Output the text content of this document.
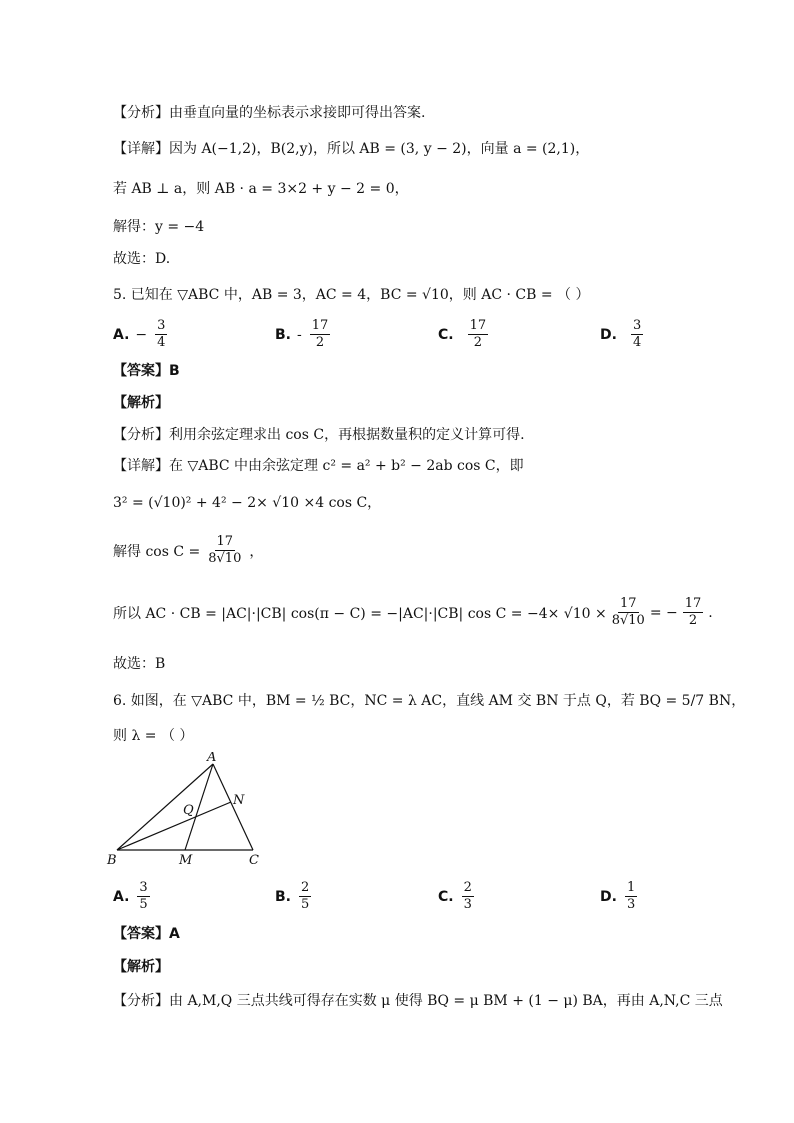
【分析】由垂直向量的坐标表示求接即可得出答案.
【详解】因为 A(−1,2)，B(2,y)，所以 AB = (3, y − 2)，向量 a = (2,1)，
若 AB ⊥ a，则 AB · a = 3×2 + y − 2 = 0，
解得：y = −4
故选：D.
5. 已知在 ▽ABC 中，AB = 3，AC = 4，BC = √10，则 AC · CB = （ ）
A. − $\frac{3}{4}$	B. - $\frac{17}{2}$	C. $\frac{17}{2}$	D. $\frac{3}{4}$
【答案】B
【解析】
【分析】利用余弦定理求出 cos C，再根据数量积的定义计算可得.
【详解】在 ▽ABC 中由余弦定理 c² = a² + b² − 2ab cos C，即
3² = (√10)² + 4² − 2× √10 ×4 cos C，
解得 $\cos C = \frac{17}{8√10}$ ，
所以 AC · CB = |AC|·|CB| cos(π − C) = −|AC|·|CB| $\cos C = -4\times √10 \times \frac{17}{8√10}$ = − $\frac{17}{2}$ .
故选：B
6. 如图，在 ▽ABC 中，BM = ½ BC，NC = λ AC，直线 AM 交 BN 于点 Q，若 BQ = 5/7 BN，
则 λ = （ ）
A
B	C
M
N
Q
A. $\frac{3}{5}$	B. $\frac{2}{5}$	C. $\frac{2}{3}$	D. $\frac{1}{3}$
【答案】A
【解析】
【分析】由 A,M,Q 三点共线可得存在实数 μ 使得 BQ = μ BM + (1 − μ) BA，再由 A,N,C 三点
